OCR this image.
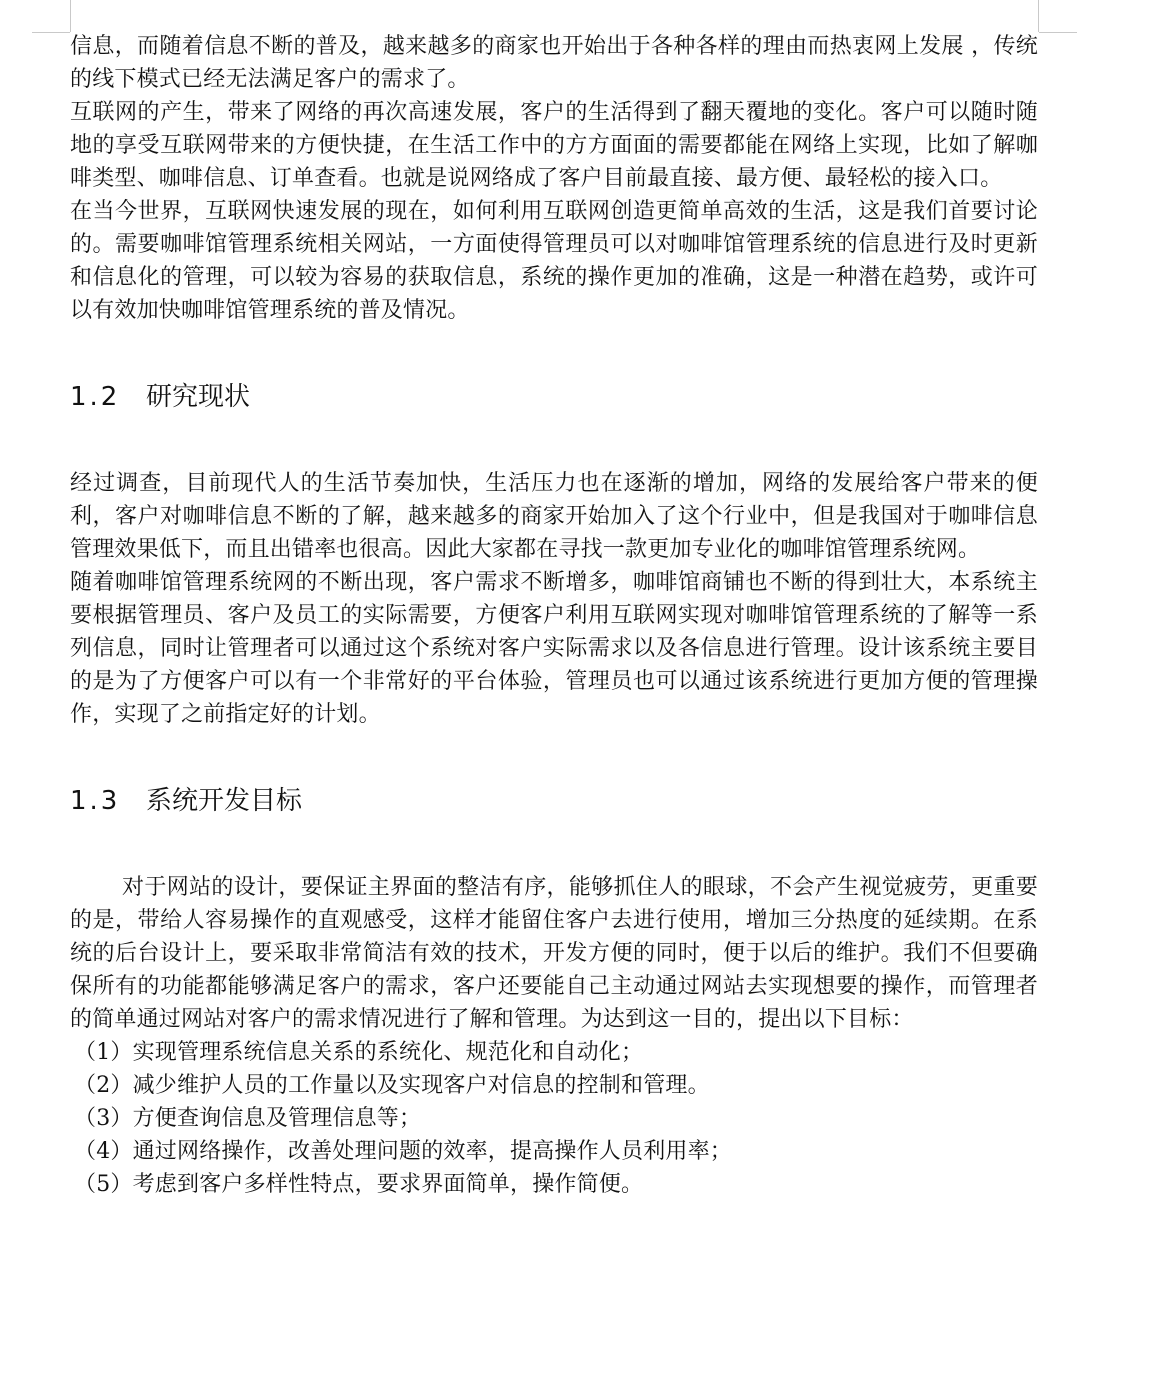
信息，而随着信息不断的普及，越来越多的商家也开始出于各种各样的理由而热衷网上发展 ，传统的线下模式已经无法满足客户的需求了。

互联网的产生，带来了网络的再次高速发展，客户的生活得到了翻天覆地的变化。客户可以随时随地的享受互联网带来的方便快捷，在生活工作中的方方面面的需要都能在网络上实现，比如了解咖啡类型、咖啡信息、订单查看。也就是说网络成了客户目前最直接、最方便、最轻松的接入口。

在当今世界，互联网快速发展的现在，如何利用互联网创造更简单高效的生活，这是我们首要讨论的。需要咖啡馆管理系统相关网站，一方面使得管理员可以对咖啡馆管理系统的信息进行及时更新和信息化的管理，可以较为容易的获取信息，系统的操作更加的准确，这是一种潜在趋势，或许可以有效加快咖啡馆管理系统的普及情况。

1.2 研究现状

经过调查，目前现代人的生活节奏加快，生活压力也在逐渐的增加，网络的发展给客户带来的便利，客户对咖啡信息不断的了解，越来越多的商家开始加入了这个行业中，但是我国对于咖啡信息管理效果低下，而且出错率也很高。因此大家都在寻找一款更加专业化的咖啡馆管理系统网。

随着咖啡馆管理系统网的不断出现，客户需求不断增多，咖啡馆商铺也不断的得到壮大，本系统主要根据管理员、客户及员工的实际需要，方便客户利用互联网实现对咖啡馆管理系统的了解等一系列信息，同时让管理者可以通过这个系统对客户实际需求以及各信息进行管理。设计该系统主要目的是为了方便客户可以有一个非常好的平台体验，管理员也可以通过该系统进行更加方便的管理操作，实现了之前指定好的计划。

1.3 系统开发目标

对于网站的设计，要保证主界面的整洁有序，能够抓住人的眼球，不会产生视觉疲劳，更重要的是，带给人容易操作的直观感受，这样才能留住客户去进行使用，增加三分热度的延续期。在系统的后台设计上，要采取非常简洁有效的技术，开发方便的同时，便于以后的维护。我们不但要确保所有的功能都能够满足客户的需求，客户还要能自己主动通过网站去实现想要的操作，而管理者的简单通过网站对客户的需求情况进行了解和管理。为达到这一目的，提出以下目标：

（1）实现管理系统信息关系的系统化、规范化和自动化；
（2）减少维护人员的工作量以及实现客户对信息的控制和管理。
（3）方便查询信息及管理信息等；
（4）通过网络操作，改善处理问题的效率，提高操作人员利用率；
（5）考虑到客户多样性特点，要求界面简单，操作简便。
